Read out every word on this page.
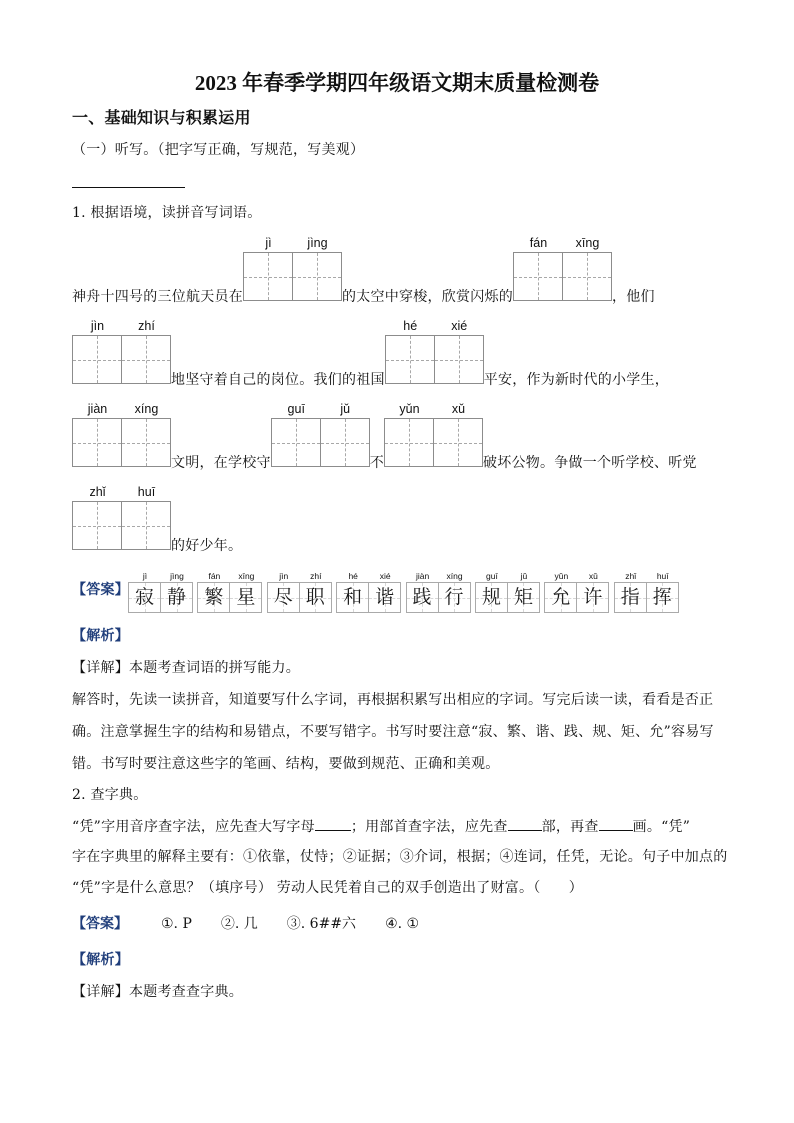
2023 年春季学期四年级语文期末质量检测卷
一、基础知识与积累运用
（一）听写。（把字写正确，写规范，写美观）
1. 根据语境，读拼音写词语。
神舟十四号的三位航天员在
jì	jìng
的太空中穿梭，欣赏闪烁的
fán	xīng
，他们
jìn	zhí
地坚守着自己的岗位。我们的祖国
hé	xié
平安，作为新时代的小学生，
jiàn	xíng
文明，在学校守
guī	jǔ
不
yǔn	xǔ
破坏公物。争做一个听学校、听党
zhǐ	huī
的好少年。
【答案】
jì	jìng
寂 静
fán	xīng
繁 星
jìn	zhí
尽 职
hé	xié
和 谐
jiàn	xíng
践 行
guī	jǔ
规 矩
yǔn	xǔ
允 许
zhǐ	huī
指 挥
【解析】
【详解】本题考查词语的拼写能力。
解答时，先读一读拼音，知道要写什么字词，再根据积累写出相应的字词。写完后读一读，看看是否正
确。注意掌握生字的结构和易错点，不要写错字。书写时要注意“寂、繁、谐、践、规、矩、允”容易写
错。书写时要注意这些字的笔画、结构，要做到规范、正确和美观。
2. 查字典。
“凭”字用音序查字法，应先查大写字母	；用部首查字法，应先查 部，再查 画。“凭”
字在字典里的解释主要有：①依靠，仗恃；②证据；③介词，根据；④连词，任凭，无论。句子中加点的
“凭”字是什么意思？（填序号） 劳动人民凭着自己的双手创造出了财富。（      ）
【答案】 ①. P ②. 几 ③. 6##六 ④. ①
【解析】
【详解】本题考查查字典。
